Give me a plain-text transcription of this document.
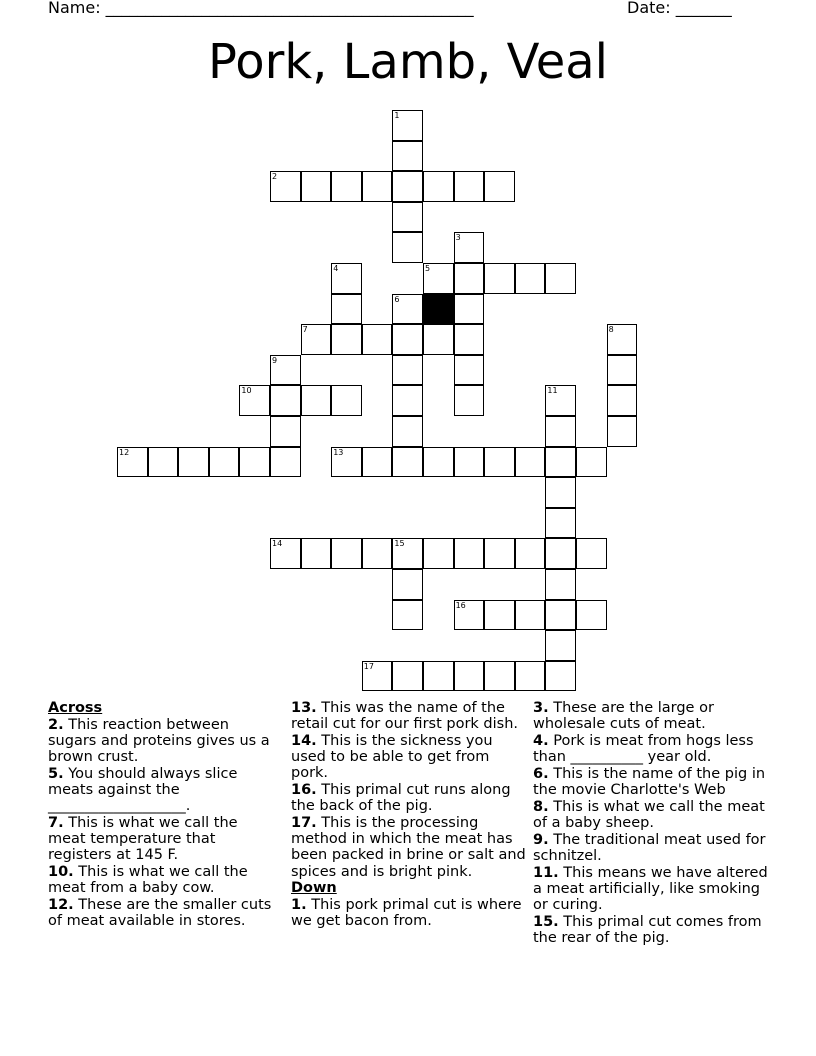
Name: ______________________________________________	Date: _______
Pork, Lamb, Veal
1
2
3
4	5
6
7	8
9
10	11
12	13
14	15
16
17
Across
2. This reaction between sugars and proteins gives us a brown crust.
5. You should always slice meats against the ___________________.
7. This is what we call the meat temperature that registers at 145 F.
10. This is what we call the meat from a baby cow.
12. These are the smaller cuts of meat available in stores.
13. This was the name of the retail cut for our first pork dish.
14. This is the sickness you used to be able to get from pork.
16. This primal cut runs along the back of the pig.
17. This is the processing method in which the meat has been packed in brine or salt and spices and is bright pink.
Down
1. This pork primal cut is where we get bacon from.
3. These are the large or wholesale cuts of meat.
4. Pork is meat from hogs less than __________ year old.
6. This is the name of the pig in the movie Charlotte's Web
8. This is what we call the meat of a baby sheep.
9. The traditional meat used for schnitzel.
11. This means we have altered a meat artificially, like smoking or curing.
15. This primal cut comes from the rear of the pig.
